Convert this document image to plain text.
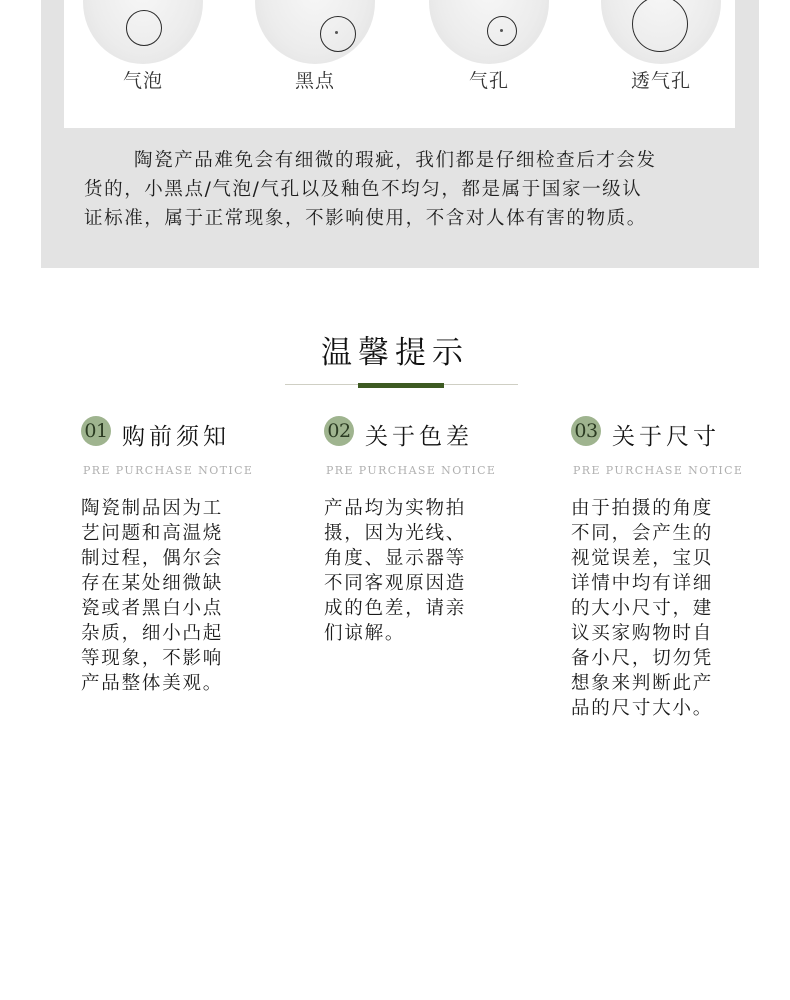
气泡	黑点	气孔	透气孔
陶瓷产品难免会有细微的瑕疵，我们都是仔细检查后才会发
货的，小黑点/气泡/气孔以及釉色不均匀，都是属于国家一级认
证标准，属于正常现象，不影响使用，不含对人体有害的物质。
温馨提示
01 购前须知
PRE PURCHASE NOTICE
陶瓷制品因为工
艺问题和高温烧
制过程，偶尔会
存在某处细微缺
瓷或者黑白小点
杂质，细小凸起
等现象，不影响
产品整体美观。
02 关于色差
PRE PURCHASE NOTICE
产品均为实物拍
摄，因为光线、
角度、显示器等
不同客观原因造
成的色差，请亲
们谅解。
03 关于尺寸
PRE PURCHASE NOTICE
由于拍摄的角度
不同，会产生的
视觉误差，宝贝
详情中均有详细
的大小尺寸，建
议买家购物时自
备小尺，切勿凭
想象来判断此产
品的尺寸大小。
